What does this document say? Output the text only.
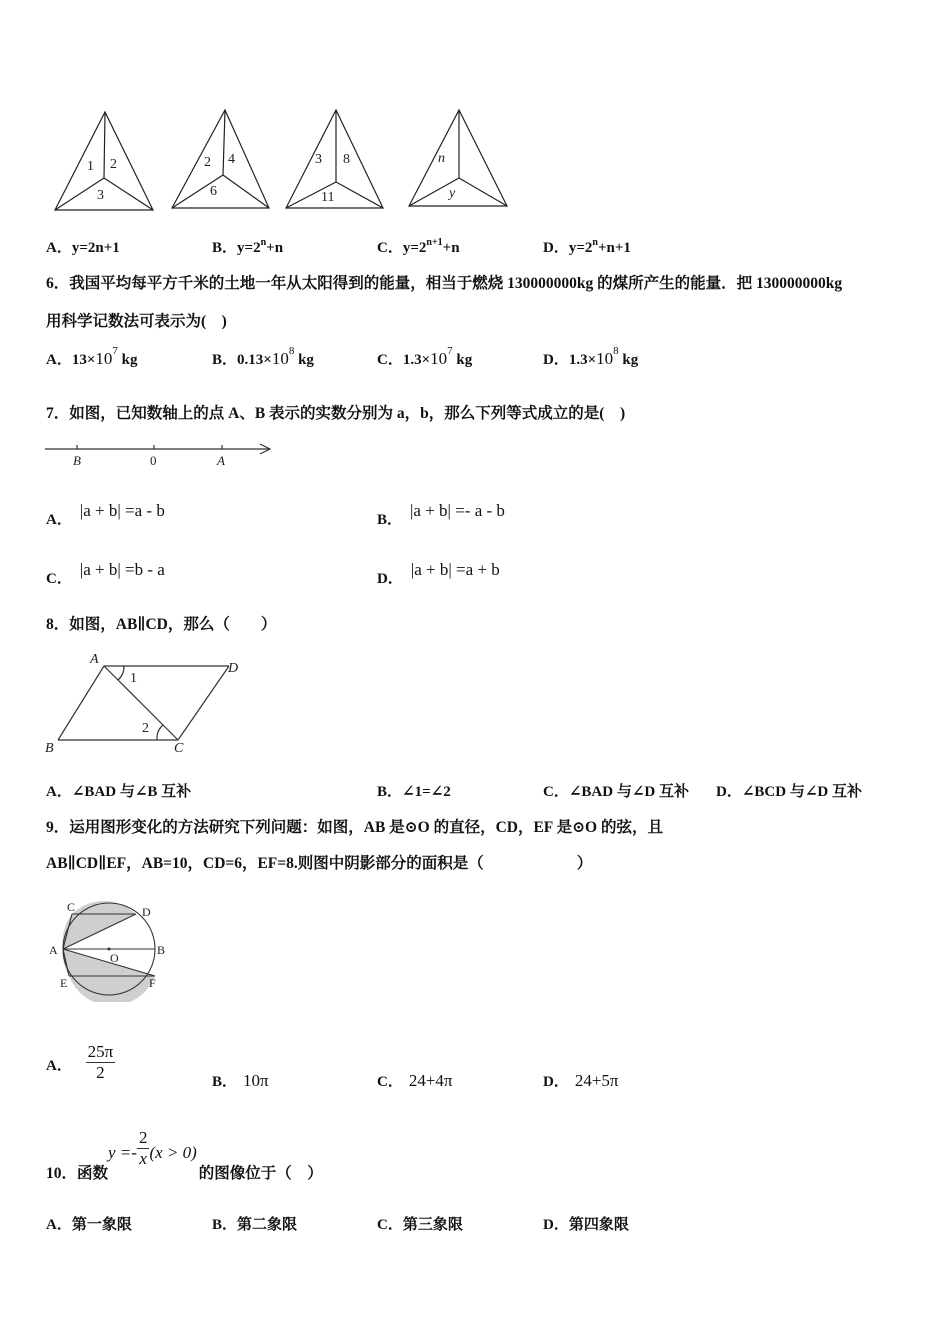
1 2
3
2 4
6
3 8
11
n
y
A．y=2n+1	B．$y=2^n+n$	C．$y=2^{n+1}+n$	D．$y=2^n+n+1$
6．我国平均每平方千米的土地一年从太阳得到的能量，相当于燃烧 130000000kg 的煤所产生的能量．把 130000000kg
用科学记数法可表示为(　)
A．$13\times 10^7$ kg	B．$0.13\times 10^8$ kg	C．$1.3\times 10^7$ kg	D．$1.3\times 10^8$ kg
7．如图，已知数轴上的点 A、B 表示的实数分别为 a，b，那么下列等式成立的是(　)
B	0	A
A． |a + b| =a - b	B． |a + b| =- a - b
C． |a + b| =b - a	D． |a + b| =a + b
8．如图，AB∥CD，那么（　　）
A
D
B	C
1
2
A．∠BAD 与∠B 互补	B．∠1=∠2	C．∠BAD 与∠D 互补 D．∠BCD 与∠D 互补
9．运用图形变化的方法研究下列问题：如图，AB 是⊙O 的直径，CD，EF 是⊙O 的弦，且
AB∥CD∥EF，AB=10，CD=6，EF=8.则图中阴影部分的面积是（　　　　　　）
C	D
A	B
O
E	F
A． $\frac{25\pi}{2}$	B． 10π	C． 24+4π	D． 24+5π
10．函数$y =- \frac{2}{x} (x > 0)$的图像位于（　）
A．第一象限	B．第二象限	C．第三象限	D．第四象限
